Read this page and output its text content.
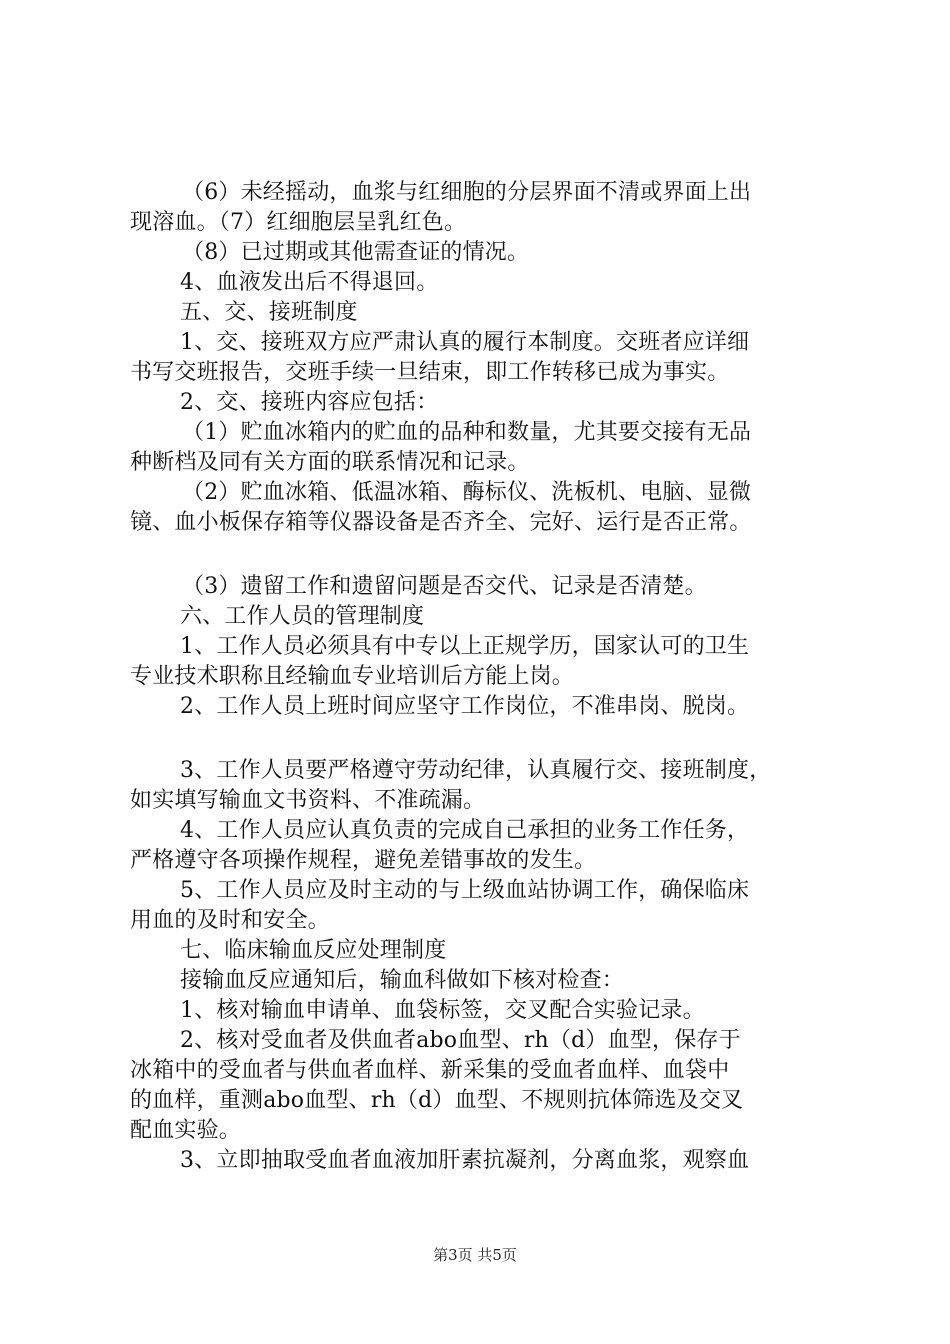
（6）未经摇动，血浆与红细胞的分层界面不清或界面上出
现溶血。（7）红细胞层呈乳红色。
（8）已过期或其他需查证的情况。
4、血液发出后不得退回。
五、交、接班制度
1、交、接班双方应严肃认真的履行本制度。交班者应详细
书写交班报告，交班手续一旦结束，即工作转移已成为事实。
2、交、接班内容应包括：
（1）贮血冰箱内的贮血的品种和数量，尤其要交接有无品
种断档及同有关方面的联系情况和记录。
（2）贮血冰箱、低温冰箱、酶标仪、洗板机、电脑、显微
镜、血小板保存箱等仪器设备是否齐全、完好、运行是否正常。
（3）遗留工作和遗留问题是否交代、记录是否清楚。
六、工作人员的管理制度
1、工作人员必须具有中专以上正规学历，国家认可的卫生
专业技术职称且经输血专业培训后方能上岗。
2、工作人员上班时间应坚守工作岗位，不准串岗、脱岗。
3、工作人员要严格遵守劳动纪律，认真履行交、接班制度，
如实填写输血文书资料、不准疏漏。
4、工作人员应认真负责的完成自己承担的业务工作任务，
严格遵守各项操作规程，避免差错事故的发生。
5、工作人员应及时主动的与上级血站协调工作，确保临床
用血的及时和安全。
七、临床输血反应处理制度
接输血反应通知后，输血科做如下核对检查：
1、核对输血申请单、血袋标签，交叉配合实验记录。
2、核对受血者及供血者abo血型、rh（d）血型，保存于
冰箱中的受血者与供血者血样、新采集的受血者血样、血袋中
的血样，重测abo血型、rh（d）血型、不规则抗体筛选及交叉
配血实验。
3、立即抽取受血者血液加肝素抗凝剂，分离血浆，观察血
第3页 共5页
